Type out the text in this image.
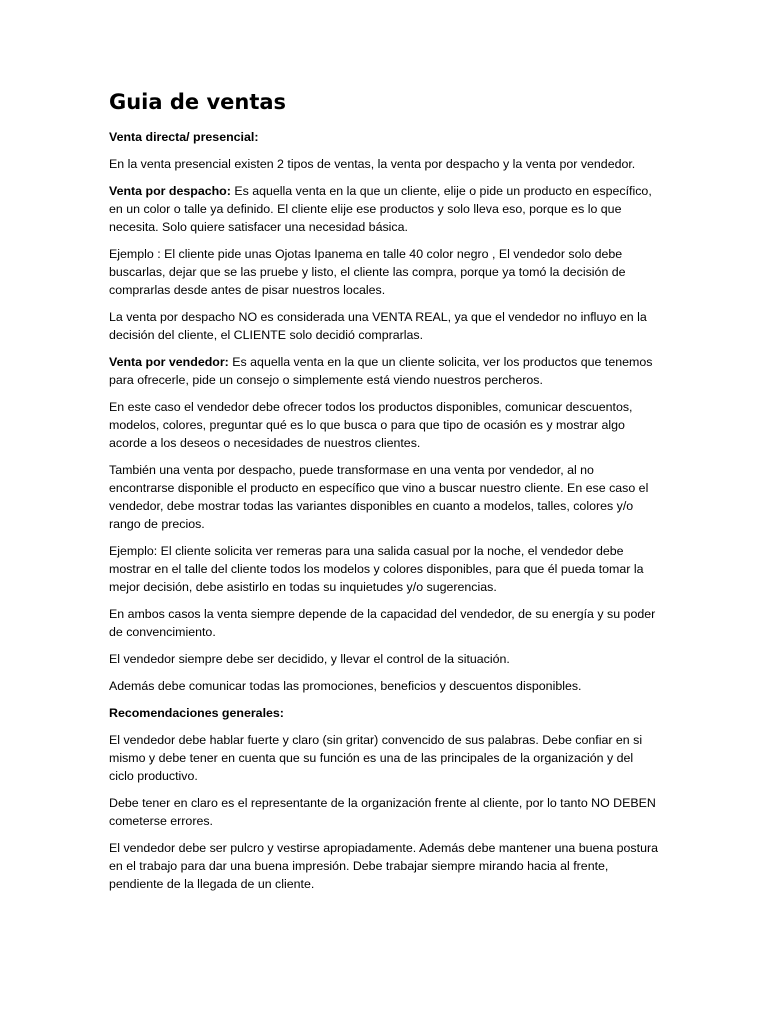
Guia de ventas

Venta directa/ presencial:

En la venta presencial existen 2 tipos de ventas, la venta por despacho y la venta por vendedor.

Venta por despacho: Es aquella venta en la que un cliente, elije o pide un producto en específico, en un color o talle ya definido. El cliente elije ese productos y solo lleva eso, porque es lo que necesita. Solo quiere satisfacer una necesidad básica.

Ejemplo : El cliente pide unas Ojotas Ipanema en talle 40 color negro , El vendedor solo debe buscarlas, dejar que se las pruebe y listo, el cliente las compra, porque ya tomó la decisión de comprarlas desde antes de pisar nuestros locales.

La venta por despacho NO es considerada una VENTA REAL, ya que el vendedor no influyo en la decisión del cliente, el CLIENTE solo decidió comprarlas.

Venta por vendedor: Es aquella venta en la que un cliente solicita, ver los productos que tenemos para ofrecerle, pide un consejo o simplemente está viendo nuestros percheros.

En este caso el vendedor debe ofrecer todos los productos disponibles, comunicar descuentos, modelos, colores, preguntar qué es lo que busca o para que tipo de ocasión es y mostrar algo acorde a los deseos o necesidades de nuestros clientes.

También una venta por despacho, puede transformase en una venta por vendedor, al no encontrarse disponible el producto en específico que vino a buscar nuestro cliente. En ese caso el vendedor, debe mostrar todas las variantes disponibles en cuanto a modelos, talles, colores y/o rango de precios.

Ejemplo: El cliente solicita ver remeras para una salida casual por la noche, el vendedor debe mostrar en el talle del cliente todos los modelos y colores disponibles, para que él pueda tomar la mejor decisión, debe asistirlo en todas su inquietudes y/o sugerencias.

En ambos casos la venta siempre depende de la capacidad del vendedor, de su energía y su poder de convencimiento.

El vendedor siempre debe ser decidido, y llevar el control de la situación.

Además debe comunicar todas las promociones, beneficios y descuentos disponibles.

Recomendaciones generales:

El vendedor debe hablar fuerte y claro (sin gritar) convencido de sus palabras. Debe confiar en si mismo y debe tener en cuenta que su función es una de las principales de la organización y del ciclo productivo.

Debe tener en claro es el representante de la organización frente al cliente, por lo tanto NO DEBEN cometerse errores.

El vendedor debe ser pulcro y vestirse apropiadamente. Además debe mantener una buena postura en el trabajo para dar una buena impresión. Debe trabajar siempre mirando hacia al frente, pendiente de la llegada de un cliente.
